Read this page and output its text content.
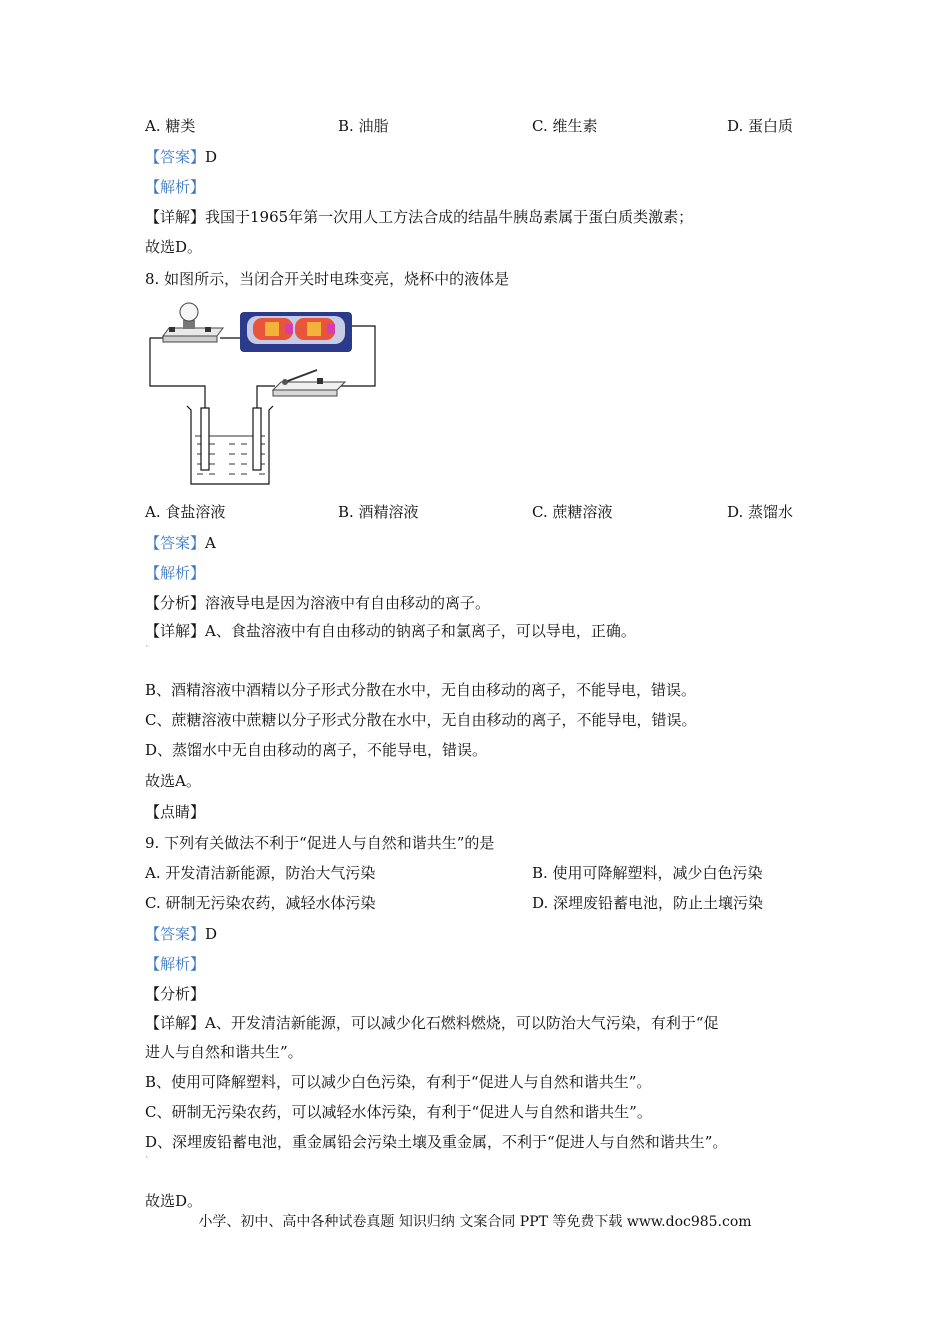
A. 糖类	B. 油脂	C. 维生素	D. 蛋白质
【答案】D
【解析】
【详解】我国于1965年第一次用人工方法合成的结晶牛胰岛素属于蛋白质类激素；
故选D。
8. 如图所示，当闭合开关时电珠变亮，烧杯中的液体是
A. 食盐溶液	B. 酒精溶液	C. 蔗糖溶液	D. 蒸馏水
【答案】A
【解析】
【分析】溶液导电是因为溶液中有自由移动的离子。
【详解】A、食盐溶液中有自由移动的钠离子和氯离子，可以导电，正确。
ˋ
B、酒精溶液中酒精以分子形式分散在水中，无自由移动的离子，不能导电，错误。
C、蔗糖溶液中蔗糖以分子形式分散在水中，无自由移动的离子，不能导电，错误。
D、蒸馏水中无自由移动的离子，不能导电，错误。
故选A。
【点睛】
9. 下列有关做法不利于“促进人与自然和谐共生”的是
A. 开发清洁新能源，防治大气污染	B. 使用可降解塑料，减少白色污染
C. 研制无污染农药，减轻水体污染	D. 深埋废铅蓄电池，防止土壤污染
【答案】D
【解析】
【分析】
【详解】A、开发清洁新能源，可以减少化石燃料燃烧，可以防治大气污染，有利于“促
进人与自然和谐共生”。
B、使用可降解塑料，可以减少白色污染，有利于“促进人与自然和谐共生”。
C、研制无污染农药，可以减轻水体污染，有利于“促进人与自然和谐共生”。
D、深埋废铅蓄电池，重金属铅会污染土壤及重金属，不利于“促进人与自然和谐共生”。
ˋ
故选D。
小学、初中、高中各种试卷真题 知识归纳 文案合同 PPT 等免费下载 www.doc985.com
